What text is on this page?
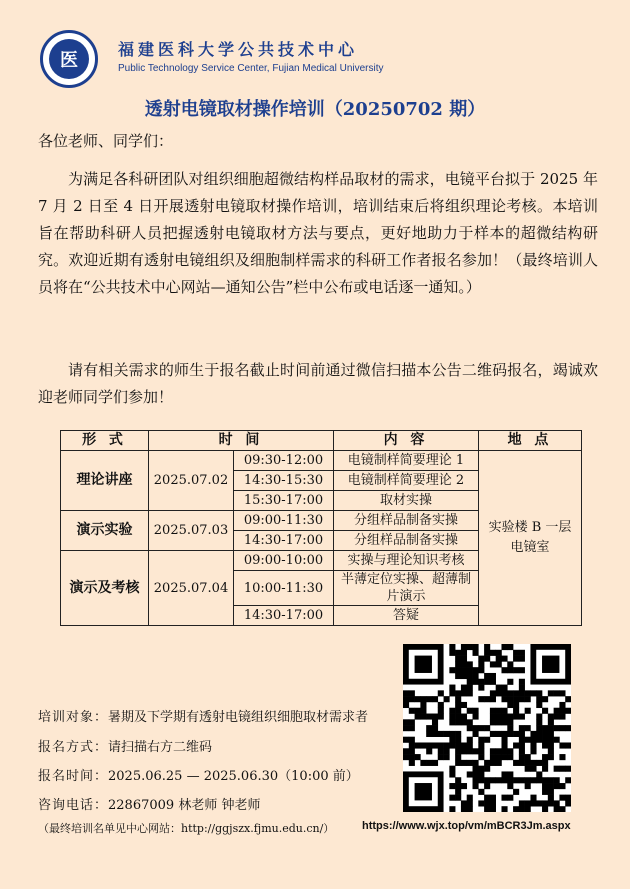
医
福建医科大学公共技术中心
Public Technology Service Center, Fujian Medical University
透射电镜取材操作培训（20250702 期）
各位老师、同学们：
为满足各科研团队对组织细胞超微结构样品取材的需求，电镜平台拟于 2025 年 7 月 2 日至 4 日开展透射电镜取材操作培训，培训结束后将组织理论考核。本培训旨在帮助科研人员把握透射电镜取材方法与要点，更好地助力于样本的超微结构研究。欢迎近期有透射电镜组织及细胞制样需求的科研工作者报名参加！（最终培训人员将在“公共技术中心网站—通知公告”栏中公布或电话逐一通知。）
请有相关需求的师生于报名截止时间前通过微信扫描本公告二维码报名，竭诚欢迎老师同学们参加！
形 式	时 间		内 容	地 点
理论讲座	2025.07.02	09:30-12:00	电镜制样简要理论 1	实验楼 B 一层电镜室
		14:30-15:30	电镜制样简要理论 2	
		15:30-17:00	取材实操	
演示实验	2025.07.03	09:00-11:30	分组样品制备实操	
		14:30-17:00	分组样品制备实操	
演示及考核	2025.07.04	09:00-10:00	实操与理论知识考核	
		10:00-11:30	半薄定位实操、超薄制片演示	
		14:30-17:00	答疑	
培训对象：暑期及下学期有透射电镜组织细胞取材需求者
报名方式：请扫描右方二维码
报名时间：2025.06.25 — 2025.06.30（10:00 前）
咨询电话：22867009 林老师 钟老师
（最终培训名单见中心网站：http://ggjszx.fjmu.edu.cn/）	https://www.wjx.top/vm/mBCR3Jm.aspx
